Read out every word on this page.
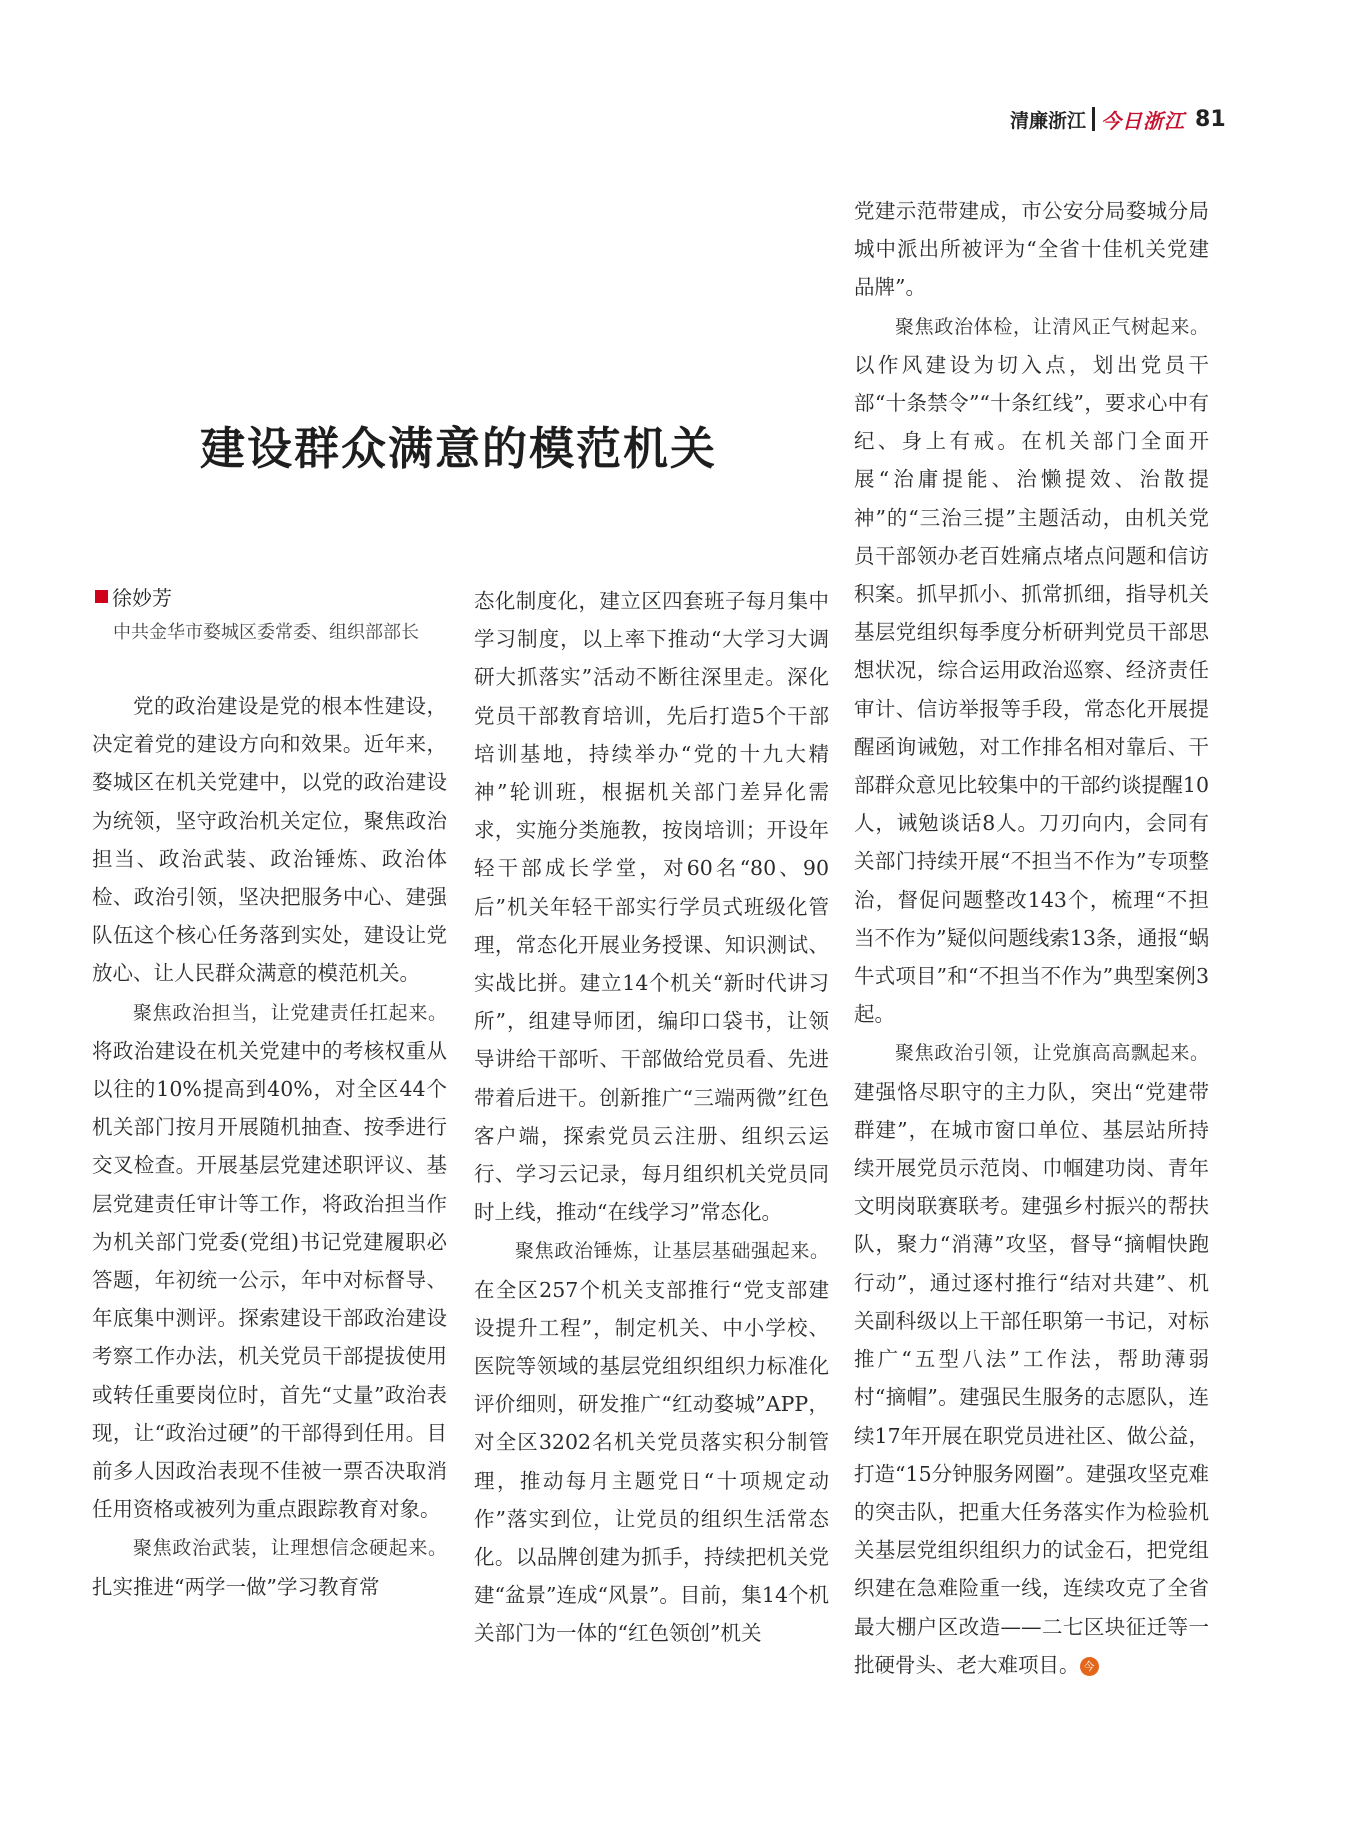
清廉浙江 今日浙江 81
建设群众满意的模范机关
徐妙芳
中共金华市婺城区委常委、组织部部长

党的政治建设是党的根本性建设，决定着党的建设方向和效果。近年来，婺城区在机关党建中，以党的政治建设为统领，坚守政治机关定位，聚焦政治担当、政治武装、政治锤炼、政治体检、政治引领，坚决把服务中心、建强队伍这个核心任务落到实处，建设让党放心、让人民群众满意的模范机关。

聚焦政治担当，让党建责任扛起来。将政治建设在机关党建中的考核权重从以往的10%提高到40%，对全区44个机关部门按月开展随机抽查、按季进行交叉检查。开展基层党建述职评议、基层党建责任审计等工作，将政治担当作为机关部门党委(党组)书记党建履职必答题，年初统一公示，年中对标督导、年底集中测评。探索建设干部政治建设考察工作办法，机关党员干部提拔使用或转任重要岗位时，首先“丈量”政治表现，让“政治过硬”的干部得到任用。目前多人因政治表现不佳被一票否决取消任用资格或被列为重点跟踪教育对象。

聚焦政治武装，让理想信念硬起来。扎实推进“两学一做”学习教育常

态化制度化，建立区四套班子每月集中学习制度，以上率下推动“大学习大调研大抓落实”活动不断往深里走。深化党员干部教育培训，先后打造5个干部培训基地，持续举办“党的十九大精神”轮训班，根据机关部门差异化需求，实施分类施教，按岗培训；开设年轻干部成长学堂，对60名“80、90后”机关年轻干部实行学员式班级化管理，常态化开展业务授课、知识测试、实战比拼。建立14个机关“新时代讲习所”，组建导师团，编印口袋书，让领导讲给干部听、干部做给党员看、先进带着后进干。创新推广“三端两微”红色客户端，探索党员云注册、组织云运行、学习云记录，每月组织机关党员同时上线，推动“在线学习”常态化。

聚焦政治锤炼，让基层基础强起来。在全区257个机关支部推行“党支部建设提升工程”，制定机关、中小学校、医院等领域的基层党组织组织力标准化评价细则，研发推广“红动婺城”APP，对全区3202名机关党员落实积分制管理，推动每月主题党日“十项规定动作”落实到位，让党员的组织生活常态化。以品牌创建为抓手，持续把机关党建“盆景”连成“风景”。目前，集14个机关部门为一体的“红色领创”机关

党建示范带建成，市公安分局婺城分局城中派出所被评为“全省十佳机关党建品牌”。

聚焦政治体检，让清风正气树起来。以作风建设为切入点，划出党员干部“十条禁令”“十条红线”，要求心中有纪、身上有戒。在机关部门全面开展“治庸提能、治懒提效、治散提神”的“三治三提”主题活动，由机关党员干部领办老百姓痛点堵点问题和信访积案。抓早抓小、抓常抓细，指导机关基层党组织每季度分析研判党员干部思想状况，综合运用政治巡察、经济责任审计、信访举报等手段，常态化开展提醒函询诫勉，对工作排名相对靠后、干部群众意见比较集中的干部约谈提醒10人，诫勉谈话8人。刀刃向内，会同有关部门持续开展“不担当不作为”专项整治，督促问题整改143个，梳理“不担当不作为”疑似问题线索13条，通报“蜗牛式项目”和“不担当不作为”典型案例3起。

聚焦政治引领，让党旗高高飘起来。建强恪尽职守的主力队，突出“党建带群建”，在城市窗口单位、基层站所持续开展党员示范岗、巾帼建功岗、青年文明岗联赛联考。建强乡村振兴的帮扶队，聚力“消薄”攻坚，督导“摘帽快跑行动”，通过逐村推行“结对共建”、机关副科级以上干部任职第一书记，对标推广“五型八法”工作法，帮助薄弱村“摘帽”。建强民生服务的志愿队，连续17年开展在职党员进社区、做公益，打造“15分钟服务网圈”。建强攻坚克难的突击队，把重大任务落实作为检验机关基层党组织组织力的试金石，把党组织建在急难险重一线，连续攻克了全省最大棚户区改造——二七区块征迁等一批硬骨头、老大难项目。 今
